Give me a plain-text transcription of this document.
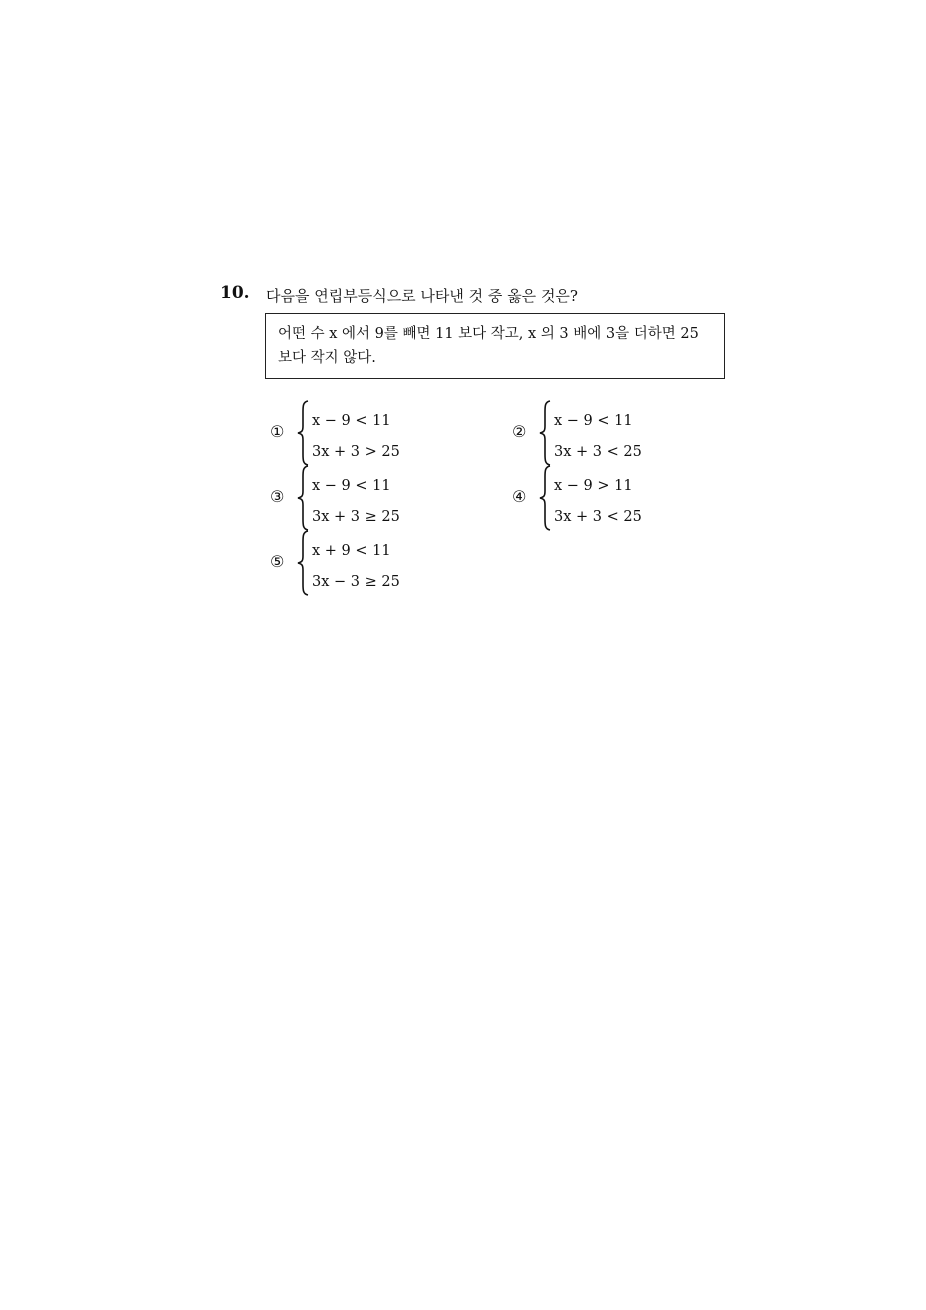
10. 다음을 연립부등식으로 나타낸 것 중 옳은 것은?
어떤 수 x 에서 9를 빼면 11 보다 작고, x 의 3 배에 3을 더하면 25
보다 작지 않다.
①
x − 9 < 11
3x + 3 > 25
②
x − 9 < 11
3x + 3 < 25
③
x − 9 < 11
3x + 3 ≥ 25
④
x − 9 > 11
3x + 3 < 25
⑤
x + 9 < 11
3x − 3 ≥ 25
